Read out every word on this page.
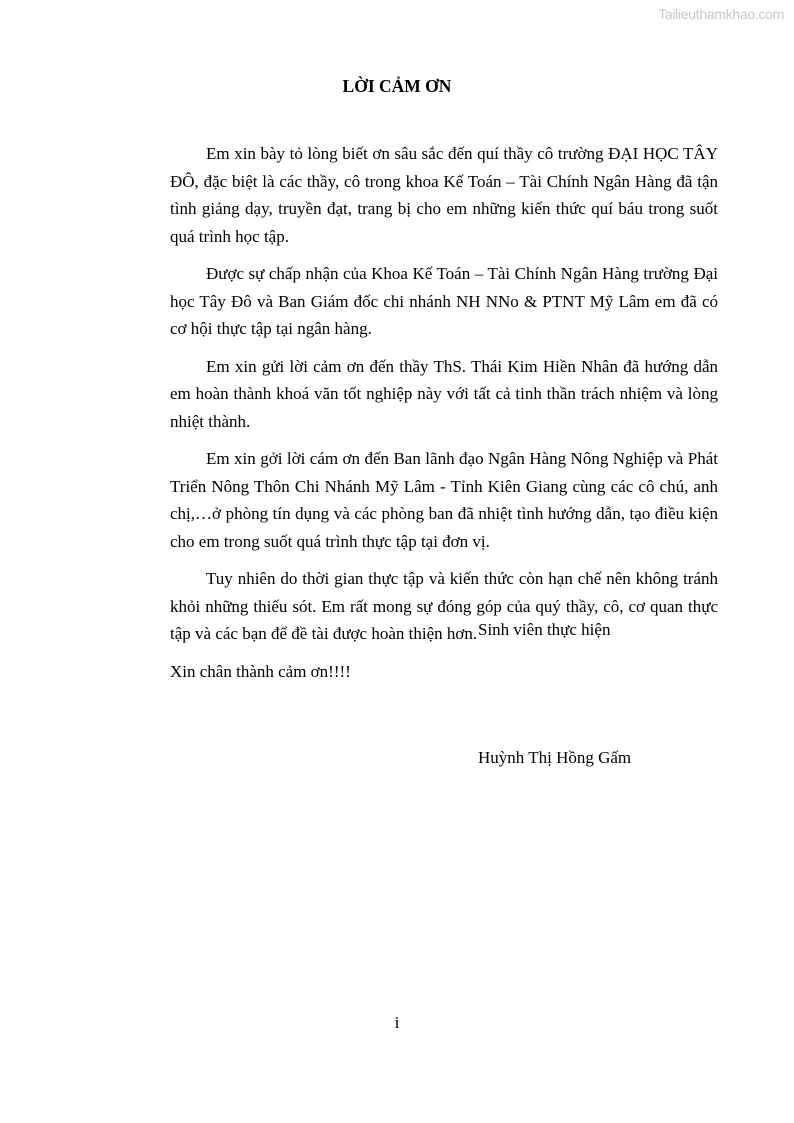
Tailieuthamkhao.com
LỜI CẢM ƠN

Em xin bày tỏ lòng biết ơn sâu sắc đến quí thầy cô trường ĐẠI HỌC TÂY ĐÔ, đặc biệt là các thầy, cô trong khoa Kế Toán – Tài Chính Ngân Hàng đã tận tình giảng dạy, truyền đạt, trang bị cho em những kiến thức quí báu trong suốt quá trình học tập.

Được sự chấp nhận của Khoa Kế Toán – Tài Chính Ngân Hàng trường Đại học Tây Đô và Ban Giám đốc chi nhánh NH NNo & PTNT Mỹ Lâm em đã có cơ hội thực tập tại ngân hàng.

Em xin gửi lời cảm ơn đến thầy ThS. Thái Kim Hiền Nhân đã hướng dẫn em hoàn thành khoá văn tốt nghiệp này với tất cả tinh thần trách nhiệm và lòng nhiệt thành.

Em xin gởi lời cám ơn đến Ban lãnh đạo Ngân Hàng Nông Nghiệp và Phát Triển Nông Thôn Chi Nhánh Mỹ Lâm - Tỉnh Kiên Giang cùng các cô chú, anh chị,…ở phòng tín dụng và các phòng ban đã nhiệt tình hướng dẫn, tạo điều kiện cho em trong suốt quá trình thực tập tại đơn vị.

Tuy nhiên do thời gian thực tập và kiến thức còn hạn chế nên không tránh khỏi những thiếu sót. Em rất mong sự đóng góp của quý thầy, cô, cơ quan thực tập và các bạn để đề tài được hoàn thiện hơn.

Xin chân thành cảm ơn!!!!

Sinh viên thực hiện
Huỳnh Thị Hồng Gấm
i
